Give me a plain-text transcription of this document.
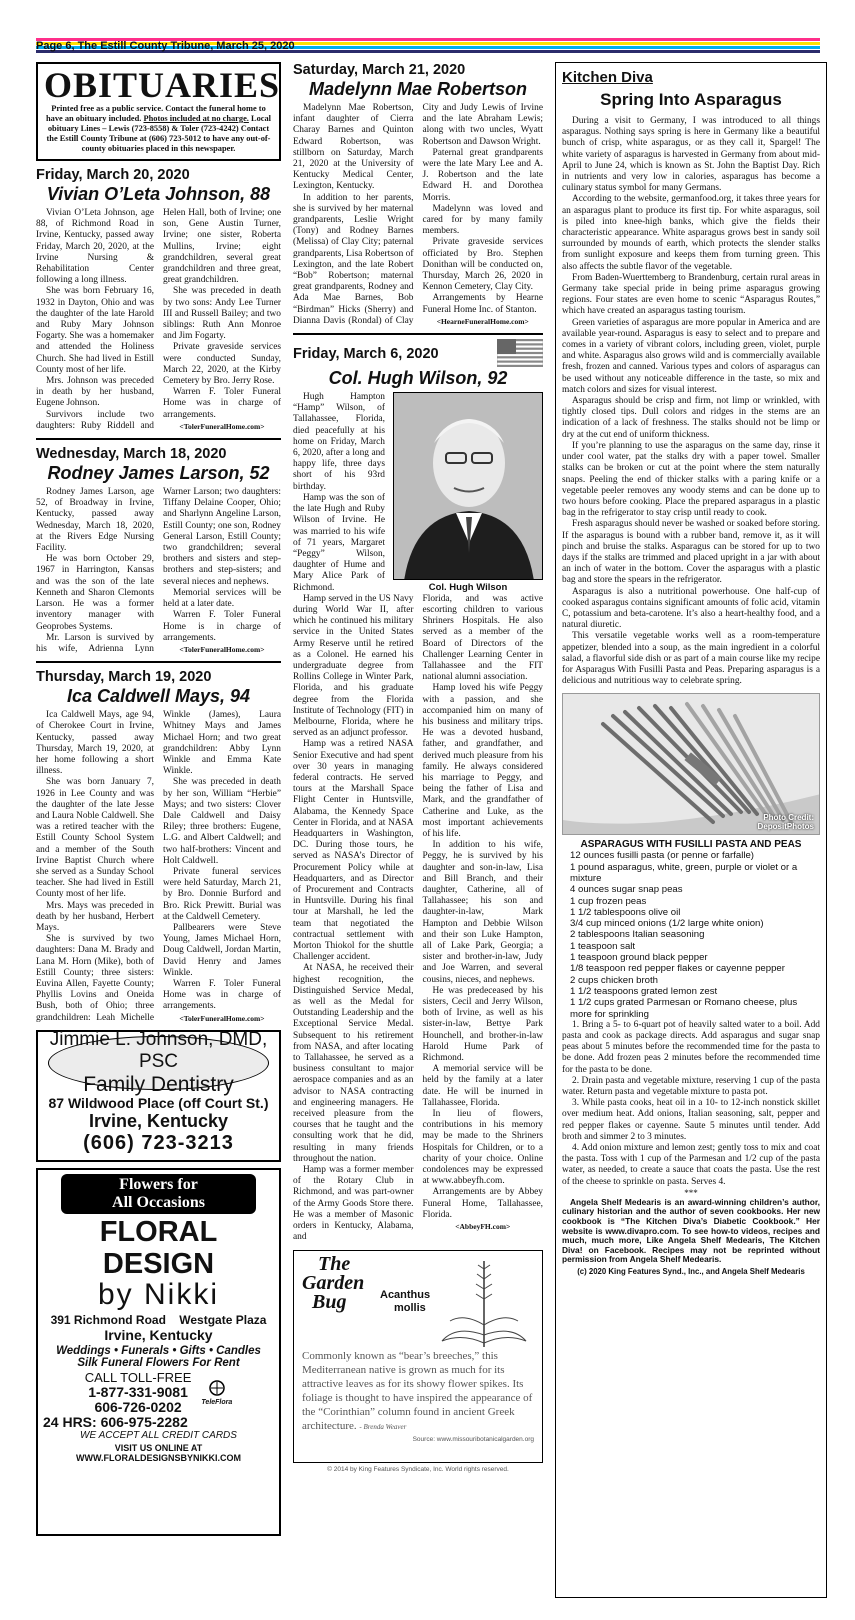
Page 6, The Estill County Tribune, March 25, 2020
OBITUARIES
Printed free as a public service. Contact the funeral home to have an obituary included. Photos included at no charge. Local obituary Lines – Lewis (723-8558) & Toler (723-4242) Contact the Estill County Tribune at (606) 723-5012 to have any out-of-county obituaries placed in this newspaper.
Friday, March 20, 2020
Vivian O’Leta Johnson, 88

Vivian O’Leta Johnson, age 88, of Richmond Road in Irvine, Kentucky, passed away Friday, March 20, 2020, at the Irvine Nursing & Rehabilitation Center following a long illness.

She was born February 16, 1932 in Dayton, Ohio and was the daughter of the late Harold and Ruby Mary Johnson Fogarty. She was a homemaker and attended the Holiness Church. She had lived in Estill County most of her life.

Mrs. Johnson was preceded in death by her husband, Eugene Johnson.

Survivors include two daughters: Ruby Riddell and Helen Hall, both of Irvine; one son, Gene Austin Turner, Irvine; one sister, Roberta Mullins, Irvine; eight grandchildren, several great grandchildren and three great, great grandchildren.

She was preceded in death by two sons: Andy Lee Turner III and Russell Bailey; and two siblings: Ruth Ann Monroe and Jim Fogarty.

Private graveside services were conducted Sunday, March 22, 2020, at the Kirby Cemetery by Bro. Jerry Rose.

Warren F. Toler Funeral Home was in charge of arrangements.

<TolerFuneralHome.com>
Wednesday, March 18, 2020
Rodney James Larson, 52

Rodney James Larson, age 52, of Broadway in Irvine, Kentucky, passed away Wednesday, March 18, 2020, at the Rivers Edge Nursing Facility.

He was born October 29, 1967 in Harrington, Kansas and was the son of the late Kenneth and Sharon Clemonts Larson. He was a former inventory manager with Geoprobes Systems.

Mr. Larson is survived by his wife, Adrienna Lynn Warner Larson; two daughters: Tiffany Delaine Cooper, Ohio; and Sharlynn Angeline Larson, Estill County; one son, Rodney General Larson, Estill County; two grandchildren; several brothers and sisters and step-brothers and step-sisters; and several nieces and nephews.

Memorial services will be held at a later date.

Warren F. Toler Funeral Home is in charge of arrangements.

<TolerFuneralHome.com>
Thursday, March 19, 2020
Ica Caldwell Mays, 94

Ica Caldwell Mays, age 94, of Cherokee Court in Irvine, Kentucky, passed away Thursday, March 19, 2020, at her home following a short illness.

She was born January 7, 1926 in Lee County and was the daughter of the late Jesse and Laura Noble Caldwell. She was a retired teacher with the Estill County School System and a member of the South Irvine Baptist Church where she served as a Sunday School teacher. She had lived in Estill County most of her life.

Mrs. Mays was preceded in death by her husband, Herbert Mays.

She is survived by two daughters: Dana M. Brady and Lana M. Horn (Mike), both of Estill County; three sisters: Euvina Allen, Fayette County; Phyllis Lovins and Oneida Bush, both of Ohio; three grandchildren: Leah Michelle Winkle (James), Laura Whitney Mays and James Michael Horn; and two great grandchildren: Abby Lynn Winkle and Emma Kate Winkle.

She was preceded in death by her son, William “Herbie” Mays; and two sisters: Clover Dale Caldwell and Daisy Riley; three brothers: Eugene, L.G. and Albert Caldwell; and two half-brothers: Vincent and Holt Caldwell.

Private funeral services were held Saturday, March 21, by Bro. Donnie Burford and Bro. Rick Prewitt. Burial was at the Caldwell Cemetery.

Pallbearers were Steve Young, James Michael Horn, Doug Caldwell, Jordan Martin, David Henry and James Winkle.

Warren F. Toler Funeral Home was in charge of arrangements.

<TolerFuneralHome.com>
Jimmie L. Johnson, DMD, PSC
Family Dentistry
87 Wildwood Place (off Court St.)
Irvine, Kentucky
(606) 723-3213
Flowers for
All Occasions
FLORAL DESIGN
by Nikki
391 Richmond Road    Westgate Plaza
Irvine, Kentucky
Weddings • Funerals • Gifts • Candles
Silk Funeral Flowers For Rent
CALL TOLL-FREE
1-877-331-9081
606-726-0202	TeleFlora
24 HRS: 606-975-2282
WE ACCEPT ALL CREDIT CARDS
VISIT US ONLINE AT
WWW.FLORALDESIGNSBYNIKKI.COM
Saturday, March 21, 2020
Madelynn Mae Robertson

Madelynn Mae Robertson, infant daughter of Cierra Charay Barnes and Quinton Edward Robertson, was stillborn on Saturday, March 21, 2020 at the University of Kentucky Medical Center, Lexington, Kentucky.

In addition to her parents, she is survived by her maternal grandparents, Leslie Wright (Tony) and Rodney Barnes (Melissa) of Clay City; paternal grandparents, Lisa Robertson of Lexington, and the late Robert “Bob” Robertson; maternal great grandparents, Rodney and Ada Mae Barnes, Bob “Birdman” Hicks (Sherry) and Dianna Davis (Rondal) of Clay City and Judy Lewis of Irvine and the late Abraham Lewis; along with two uncles, Wyatt Robertson and Dawson Wright.

Paternal great grandparents were the late Mary Lee and A. J. Robertson and the late Edward H. and Dorothea Morris.

Madelynn was loved and cared for by many family members.

Private graveside services officiated by Bro. Stephen Donithan will be conducted on, Thursday, March 26, 2020 in Kennon Cemetery, Clay City.

Arrangements by Hearne Funeral Home Inc. of Stanton.

<HearneFuneralHome.com>
Friday, March 6, 2020
Col. Hugh Wilson, 92

Hugh Hampton “Hamp” Wilson, of Tallahassee, Florida, died peacefully at his home on Friday, March 6, 2020, after a long and happy life, three days short of his 93rd birthday.

Hamp was the son of the late Hugh and Ruby Wilson of Irvine. He was married to his wife of 71 years, Margaret “Peggy” Wilson, daughter of Hume and Mary Alice Park of Richmond.	Col. Hugh Wilson

Hamp served in the US Navy during World War II, after which he continued his military service in the United States Army Reserve until he retired as a Colonel. He earned his undergraduate degree from Rollins College in Winter Park, Florida, and his graduate degree from the Florida Institute of Technology (FIT) in Melbourne, Florida, where he served as an adjunct professor.

Hamp was a retired NASA Senior Executive and had spent over 30 years in managing federal contracts. He served tours at the Marshall Space Flight Center in Huntsville, Alabama, the Kennedy Space Center in Florida, and at NASA Headquarters in Washington, DC. During those tours, he served as NASA’s Director of Procurement Policy while at Headquarters, and as Director of Procurement and Contracts in Huntsville. During his final tour at Marshall, he led the team that negotiated the contractual settlement with Morton Thiokol for the shuttle Challenger accident.

At NASA, he received their highest recognition, the Distinguished Service Medal, as well as the Medal for Outstanding Leadership and the Exceptional Service Medal. Subsequent to his retirement from NASA, and after locating to Tallahassee, he served as a business consultant to major aerospace companies and as an advisor to NASA contracting and engineering managers. He received pleasure from the courses that he taught and the consulting work that he did, resulting in many friends throughout the nation.

Hamp was a former member of the Rotary Club in Richmond, and was part-owner of the Army Goods Store there. He was a member of Masonic orders in Kentucky, Alabama, and

Florida, and was active escorting children to various Shriners Hospitals. He also served as a member of the Board of Directors of the Challenger Learning Center in Tallahassee and the FIT national alumni association.

Hamp loved his wife Peggy with a passion, and she accompanied him on many of his business and military trips. He was a devoted husband, father, and grandfather, and derived much pleasure from his family. He always considered his marriage to Peggy, and being the father of Lisa and Mark, and the grandfather of Catherine and Luke, as the most important achievements of his life.

In addition to his wife, Peggy, he is survived by his daughter and son-in-law, Lisa and Bill Branch, and their daughter, Catherine, all of Tallahassee; his son and daughter-in-law, Mark Hampton and Debbie Wilson and their son Luke Hampton, all of Lake Park, Georgia; a sister and brother-in-law, Judy and Joe Warren, and several cousins, nieces, and nephews.

He was predeceased by his sisters, Cecil and Jerry Wilson, both of Irvine, as well as his sister-in-law, Bettye Park Hounchell, and brother-in-law Harold Hume Park of Richmond.

A memorial service will be held by the family at a later date. He will be inurned in Tallahassee, Florida.

In lieu of flowers, contributions in his memory may be made to the Shriners Hospitals for Children, or to a charity of your choice. Online condolences may be expressed at www.abbeyfh.com.

Arrangements are by Abbey Funeral Home, Tallahassee, Florida.

<AbbeyFH.com>
The
Garden
Bug	Acanthus
mollis

Commonly known as “bear’s breeches,” this Mediterranean native is grown as much for its attractive leaves as for its showy flower spikes. Its foliage is thought to have inspired the appearance of the “Corinthian” column found in ancient Greek architecture. - Brenda Weaver

Source: www.missouribotanicalgarden.org
© 2014 by King Features Syndicate, Inc. World rights reserved.
Kitchen Diva
Spring Into Asparagus

During a visit to Germany, I was introduced to all things asparagus. Nothing says spring is here in Germany like a beautiful bunch of crisp, white asparagus, or as they call it, Spargel! The white variety of asparagus is harvested in Germany from about mid-April to June 24, which is known as St. John the Baptist Day. Rich in nutrients and very low in calories, asparagus has become a culinary status symbol for many Germans.

According to the website, germanfood.org, it takes three years for an asparagus plant to produce its first tip. For white asparagus, soil is piled into knee-high banks, which give the fields their characteristic appearance. White asparagus grows best in sandy soil surrounded by mounds of earth, which protects the slender stalks from sunlight exposure and keeps them from turning green. This also affects the subtle flavor of the vegetable.

From Baden-Wuerttemberg to Brandenburg, certain rural areas in Germany take special pride in being prime asparagus growing regions. Four states are even home to scenic “Asparagus Routes,” which have created an asparagus tasting tourism.

Green varieties of asparagus are more popular in America and are available year-round. Asparagus is easy to select and to prepare and comes in a variety of vibrant colors, including green, violet, purple and white. Asparagus also grows wild and is commercially available fresh, frozen and canned. Various types and colors of asparagus can be used without any noticeable difference in the taste, so mix and match colors and sizes for visual interest.

Asparagus should be crisp and firm, not limp or wrinkled, with tightly closed tips. Dull colors and ridges in the stems are an indication of a lack of freshness. The stalks should not be limp or dry at the cut end of uniform thickness.

If you’re planning to use the asparagus on the same day, rinse it under cool water, pat the stalks dry with a paper towel. Smaller stalks can be broken or cut at the point where the stem naturally snaps. Peeling the end of thicker stalks with a paring knife or a vegetable peeler removes any woody stems and can be done up to two hours before cooking. Place the prepared asparagus in a plastic bag in the refrigerator to stay crisp until ready to cook.

Fresh asparagus should never be washed or soaked before storing. If the asparagus is bound with a rubber band, remove it, as it will pinch and bruise the stalks. Asparagus can be stored for up to two days if the stalks are trimmed and placed upright in a jar with about an inch of water in the bottom. Cover the asparagus with a plastic bag and store the spears in the refrigerator.

Asparagus is also a nutritional powerhouse. One half-cup of cooked asparagus contains significant amounts of folic acid, vitamin C, potassium and beta-carotene. It’s also a heart-healthy food, and a natural diuretic.

This versatile vegetable works well as a room-temperature appetizer, blended into a soup, as the main ingredient in a colorful salad, a flavorful side dish or as part of a main course like my recipe for Asparagus With Fusilli Pasta and Peas. Preparing asparagus is a delicious and nutritious way to celebrate spring.

Photo Credit:
DepositPhotos
ASPARAGUS WITH FUSILLI PASTA AND PEAS

12 ounces fusilli pasta (or penne or farfalle)

1 pound asparagus, white, green, purple or violet or a mixture

4 ounces sugar snap peas

1 cup frozen peas

1 1/2 tablespoons olive oil

3/4 cup minced onions (1/2 large white onion)

2 tablespoons Italian seasoning

1 teaspoon salt

1 teaspoon ground black pepper

1/8 teaspoon red pepper flakes or cayenne pepper

2 cups chicken broth

1 1/2 teaspoons grated lemon zest

1 1/2 cups grated Parmesan or Romano cheese, plus more for sprinkling

1. Bring a 5- to 6-quart pot of heavily salted water to a boil. Add pasta and cook as package directs. Add asparagus and sugar snap peas about 5 minutes before the recommended time for the pasta to be done. Add frozen peas 2 minutes before the recommended time for the pasta to be done.

2. Drain pasta and vegetable mixture, reserving 1 cup of the pasta water. Return pasta and vegetable mixture to pasta pot.

3. While pasta cooks, heat oil in a 10- to 12-inch nonstick skillet over medium heat. Add onions, Italian seasoning, salt, pepper and red pepper flakes or cayenne. Saute 5 minutes until tender. Add broth and simmer 2 to 3 minutes.

4. Add onion mixture and lemon zest; gently toss to mix and coat the pasta. Toss with 1 cup of the Parmesan and 1/2 cup of the pasta water, as needed, to create a sauce that coats the pasta. Use the rest of the cheese to sprinkle on pasta. Serves 4.

***
Angela Shelf Medearis is an award-winning children’s author, culinary historian and the author of seven cookbooks. Her new cookbook is “The Kitchen Diva’s Diabetic Cookbook.” Her website is www.divapro.com. To see how-to videos, recipes and much, much more, Like Angela Shelf Medearis, The Kitchen Diva! on Facebook. Recipes may not be reprinted without permission from Angela Shelf Medearis.
(c) 2020 King Features Synd., Inc., and Angela Shelf Medearis
